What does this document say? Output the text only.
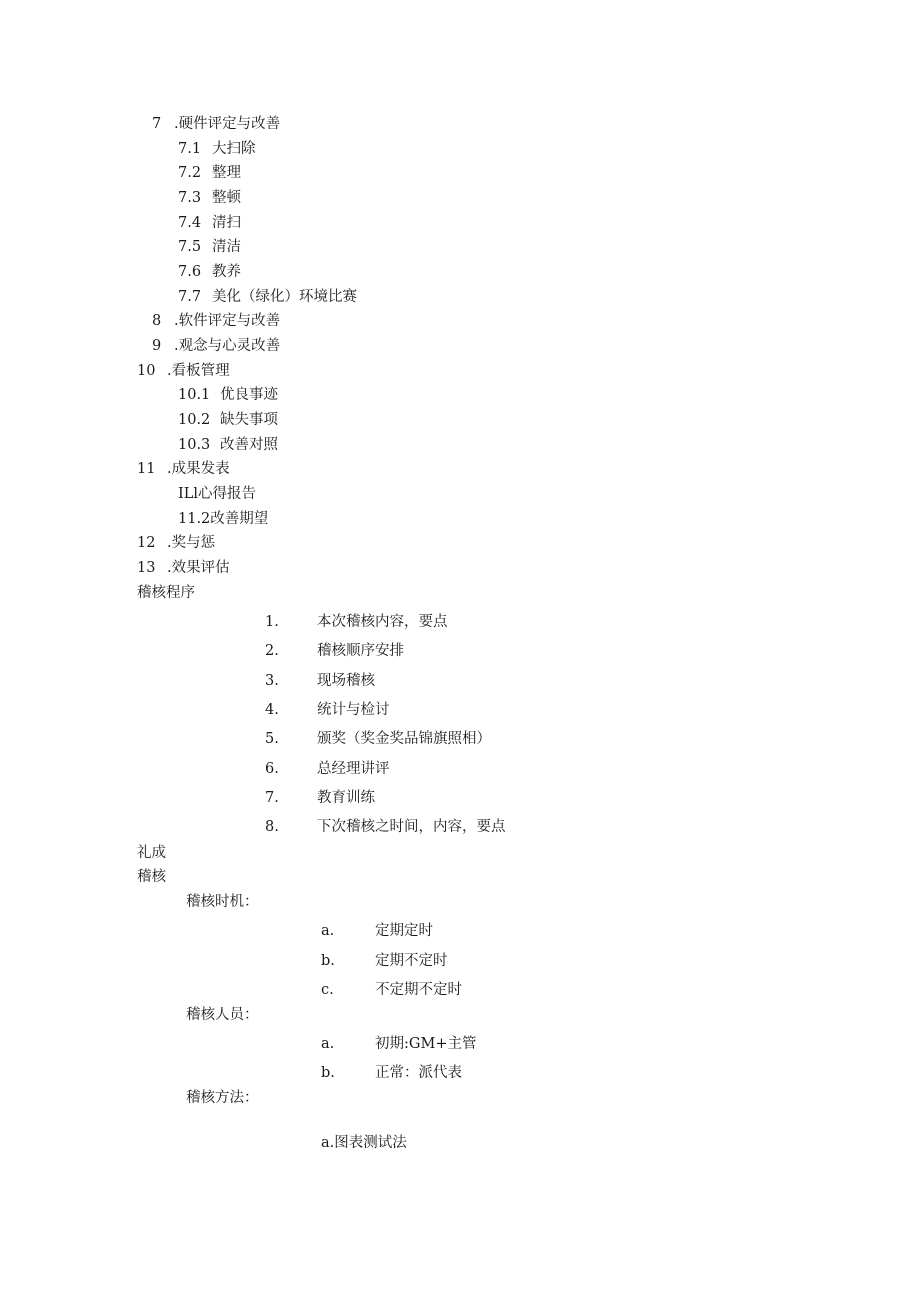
7 .硬件评定与改善
7.1 大扫除
7.2 整理
7.3 整顿
7.4 清扫
7.5 清洁
7.6 教养
7.7 美化（绿化）环境比赛
8 .软件评定与改善
9 .观念与心灵改善
10 .看板管理
10.1 优良事迹
10.2 缺失事项
10.3 改善对照
11 .成果发表
ILl心得报告
11.2改善期望
12 .奖与惩
13 .效果评估
稽核程序
1.	本次稽核内容，要点
2.	稽核顺序安排
3.	现场稽核
4.	统计与检讨
5.	颁奖（奖金奖品锦旗照相）
6.	总经理讲评
7.	教育训练
8.	下次稽核之时间，内容，要点
礼成
稽核
稽核时机：
a.	定期定时
b.	定期不定时
c.	不定期不定时
稽核人员：
a.	初期:GM+主管
b.	正常：派代表
稽核方法：
a.图表测试法
